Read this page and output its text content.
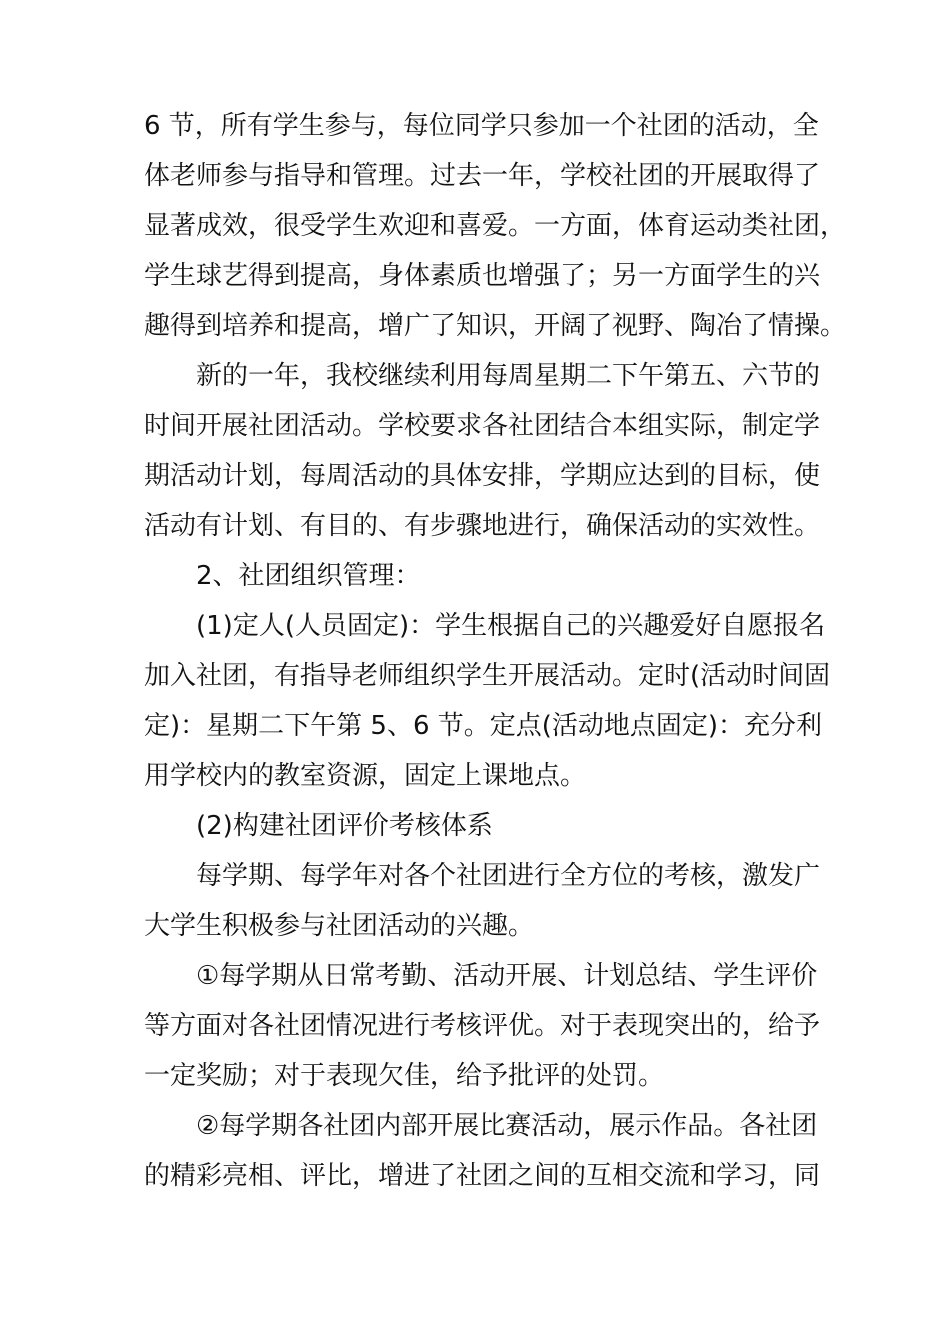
6 节，所有学生参与，每位同学只参加一个社团的活动，全
体老师参与指导和管理。过去一年，学校社团的开展取得了
显著成效，很受学生欢迎和喜爱。一方面，体育运动类社团，
学生球艺得到提高，身体素质也增强了；另一方面学生的兴
趣得到培养和提高，增广了知识，开阔了视野、陶冶了情操。
新的一年，我校继续利用每周星期二下午第五、六节的
时间开展社团活动。学校要求各社团结合本组实际，制定学
期活动计划，每周活动的具体安排，学期应达到的目标，使
活动有计划、有目的、有步骤地进行，确保活动的实效性。
2、社团组织管理：
(1)定人(人员固定)：学生根据自己的兴趣爱好自愿报名
加入社团，有指导老师组织学生开展活动。定时(活动时间固
定)：星期二下午第 5、6 节。定点(活动地点固定)：充分利
用学校内的教室资源，固定上课地点。
(2)构建社团评价考核体系
每学期、每学年对各个社团进行全方位的考核，激发广
大学生积极参与社团活动的兴趣。
①每学期从日常考勤、活动开展、计划总结、学生评价
等方面对各社团情况进行考核评优。对于表现突出的，给予
一定奖励；对于表现欠佳，给予批评的处罚。
②每学期各社团内部开展比赛活动，展示作品。各社团
的精彩亮相、评比，增进了社团之间的互相交流和学习，同
